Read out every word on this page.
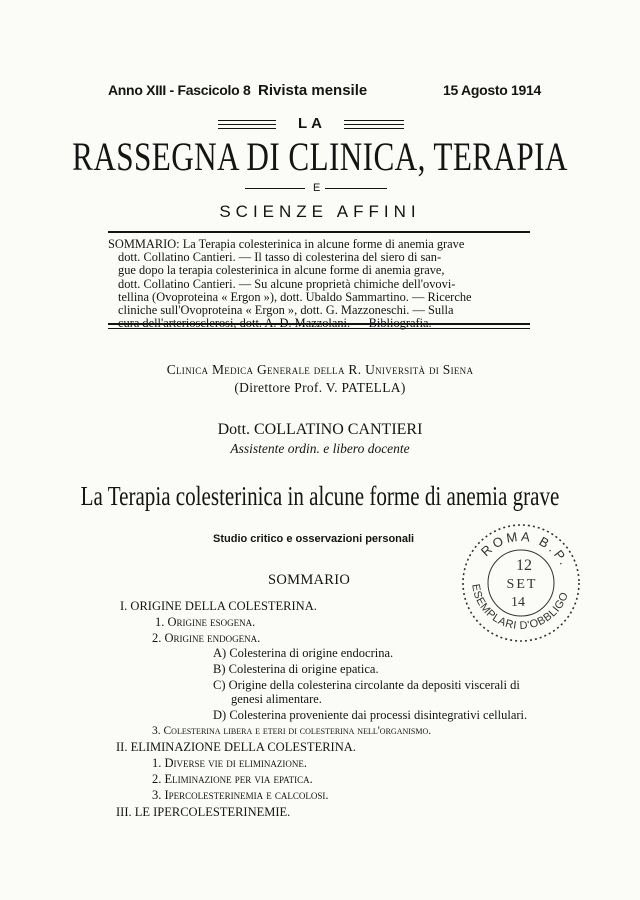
Anno XIII - Fascicolo 8 Rivista mensile	15 Agosto 1914
LA
RASSEGNA DI CLINICA, TERAPIA
E
SCIENZE AFFINI

SOMMARIO: La Terapia colesterinica in alcune forme di anemia grave

dott. Collatino Cantieri. — Il tasso di colesterina del siero di san-

gue dopo la terapia colesterinica in alcune forme di anemia grave,

dott. Collatino Cantieri. — Su alcune proprietà chimiche dell'ovovi-

tellina (Ovoproteina « Ergon »), dott. Ubaldo Sammartino. — Ricerche

cliniche sull'Ovoproteina « Ergon », dott. G. Mazzoneschi. — Sulla

Clinica Medica Generale della R. Università di Siena
(Direttore Prof. V. PATELLA)
Dott. COLLATINO CANTIERI
Assistente ordin. e libero docente
La Terapia colesterinica in alcune forme di anemia grave
Studio critico e osservazioni personali
ROMA B.P.
ESEMPLARI D'OBBLIGO
12
SET
14
SOMMARIO
I. ORIGINE DELLA COLESTERINA.
1. Origine esogena.
2. Origine endogena.
A) Colesterina di origine endocrina.
B) Colesterina di origine epatica.
C) Origine della colesterina circolante da depositi viscerali di
genesi alimentare.
D) Colesterina proveniente dai processi disintegrativi cellulari.
3. Colesterina libera e eteri di colesterina nell'organismo.
II. ELIMINAZIONE DELLA COLESTERINA.
1. Diverse vie di eliminazione.
2. Eliminazione per via epatica.
3. Ipercolesterinemia e calcolosi.
III. LE IPERCOLESTERINEMIE.
